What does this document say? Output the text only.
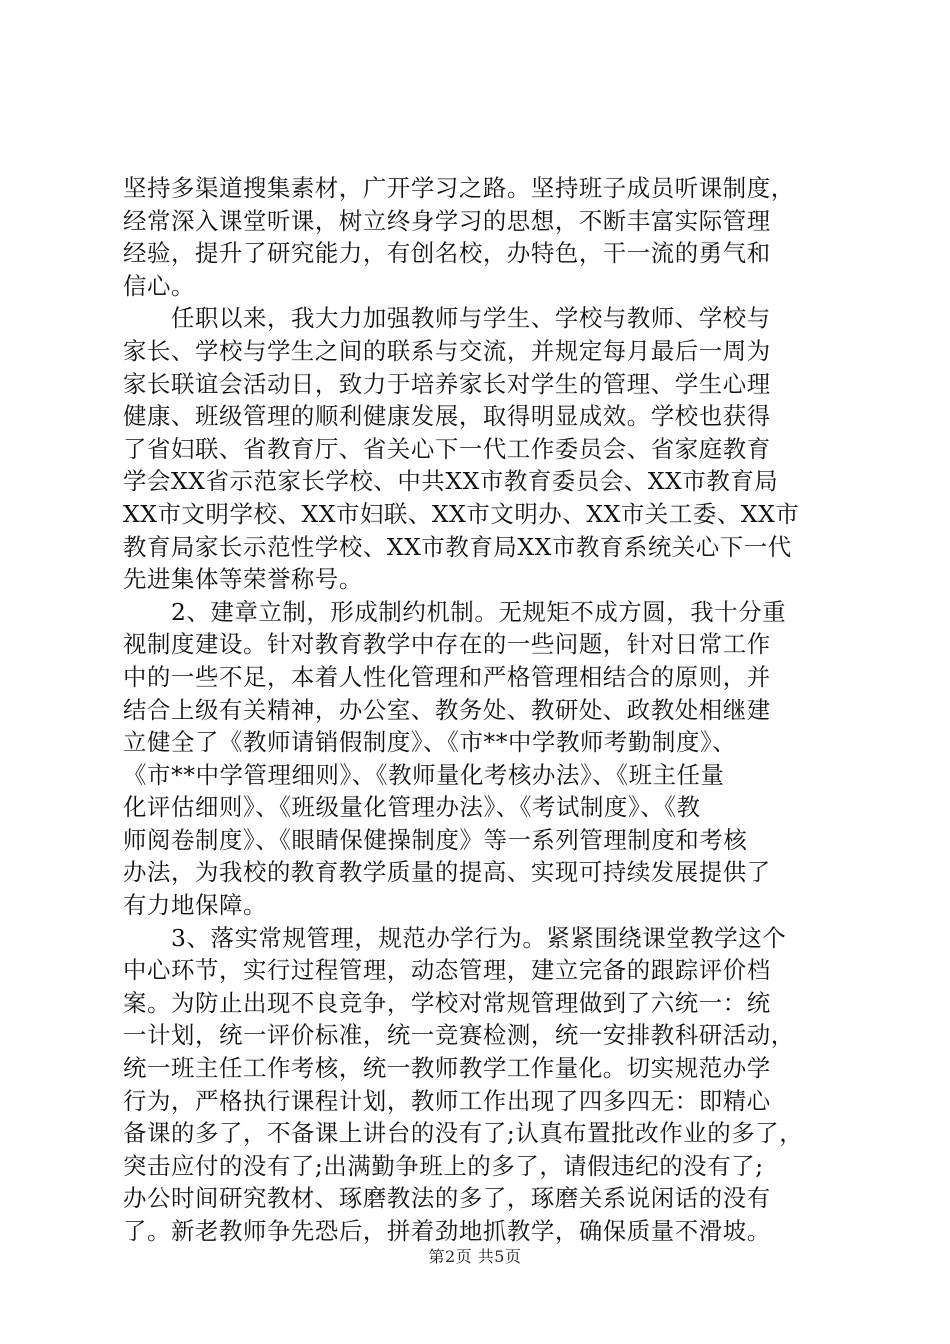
坚持多渠道搜集素材，广开学习之路。坚持班子成员听课制度，
经常深入课堂听课，树立终身学习的思想，不断丰富实际管理
经验，提升了研究能力，有创名校，办特色，干一流的勇气和
信心。
任职以来，我大力加强教师与学生、学校与教师、学校与
家长、学校与学生之间的联系与交流，并规定每月最后一周为
家长联谊会活动日，致力于培养家长对学生的管理、学生心理
健康、班级管理的顺利健康发展，取得明显成效。学校也获得
了省妇联、省教育厅、省关心下一代工作委员会、省家庭教育
学会XX省示范家长学校、中共XX市教育委员会、XX市教育局
XX市文明学校、XX市妇联、XX市文明办、XX市关工委、XX市
教育局家长示范性学校、XX市教育局XX市教育系统关心下一代
先进集体等荣誉称号。
2、建章立制，形成制约机制。无规矩不成方圆，我十分重
视制度建设。针对教育教学中存在的一些问题，针对日常工作
中的一些不足，本着人性化管理和严格管理相结合的原则，并
结合上级有关精神，办公室、教务处、教研处、政教处相继建
立健全了《教师请销假制度》、《市**中学教师考勤制度》、
《市**中学管理细则》、《教师量化考核办法》、《班主任量
化评估细则》、《班级量化管理办法》、《考试制度》、《教
师阅卷制度》、《眼睛保健操制度》等一系列管理制度和考核
办法，为我校的教育教学质量的提高、实现可持续发展提供了
有力地保障。
3、落实常规管理，规范办学行为。紧紧围绕课堂教学这个
中心环节，实行过程管理，动态管理，建立完备的跟踪评价档
案。为防止出现不良竞争，学校对常规管理做到了六统一：统
一计划，统一评价标准，统一竞赛检测，统一安排教科研活动，
统一班主任工作考核，统一教师教学工作量化。切实规范办学
行为，严格执行课程计划，教师工作出现了四多四无：即精心
备课的多了，不备课上讲台的没有了;认真布置批改作业的多了，
突击应付的没有了;出满勤争班上的多了，请假违纪的没有了;
办公时间研究教材、琢磨教法的多了，琢磨关系说闲话的没有
了。新老教师争先恐后，拼着劲地抓教学，确保质量不滑坡。
第2页 共5页
